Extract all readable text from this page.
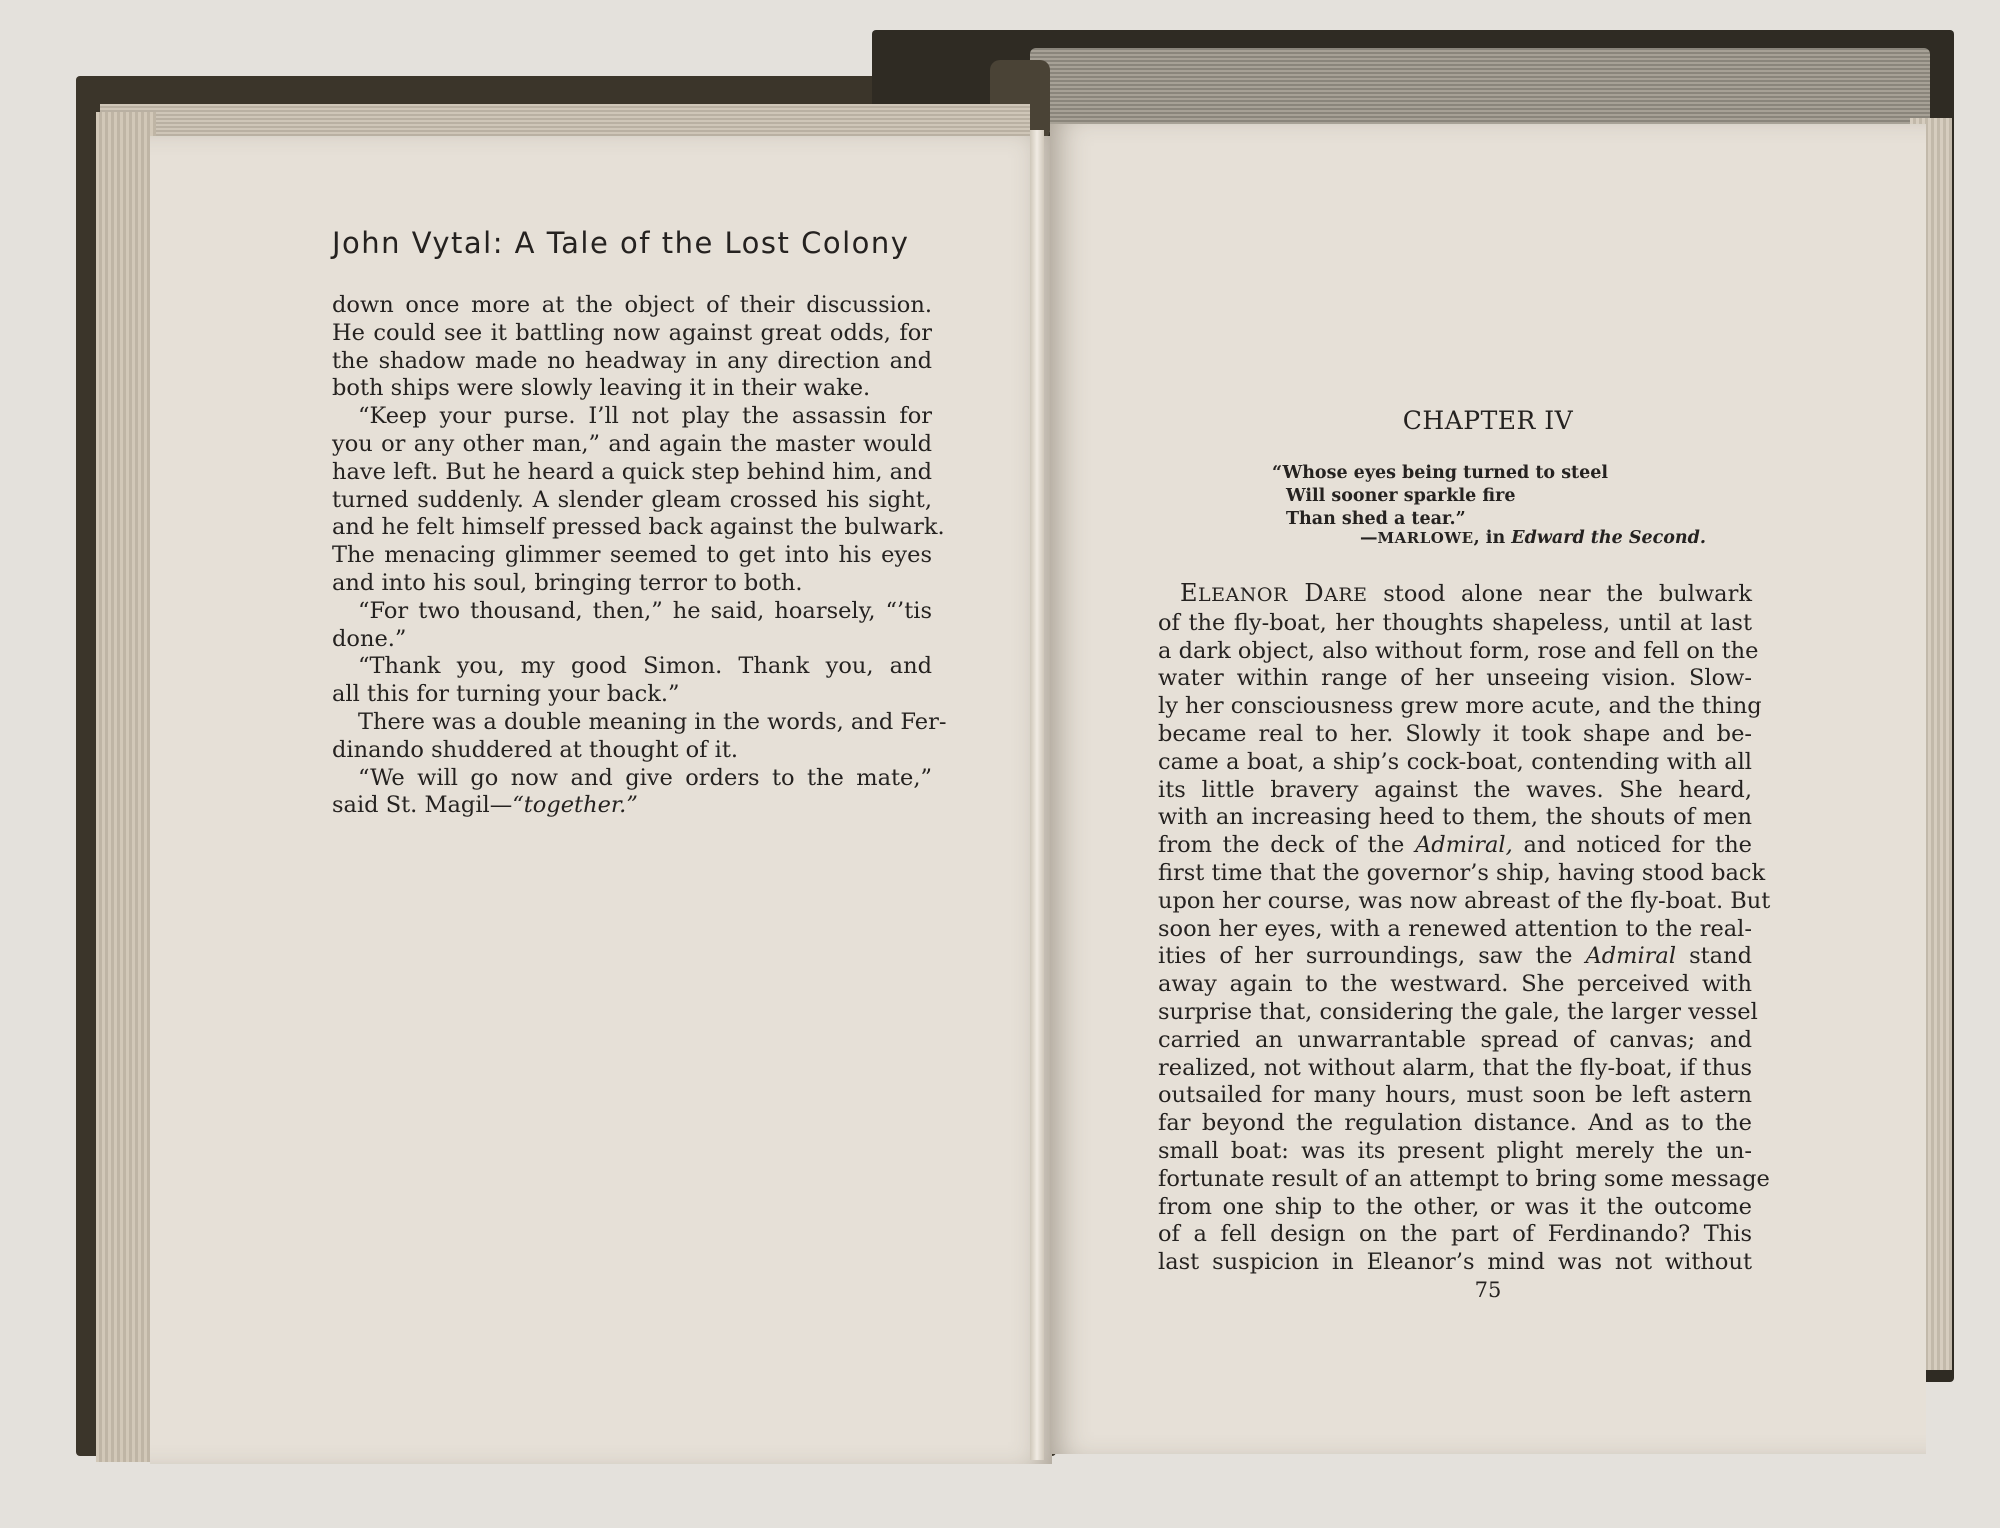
John Vytal: A Tale of the Lost Colony
down once more at the object of their discussion.
He could see it battling now against great odds, for
the shadow made no headway in any direction and
both ships were slowly leaving it in their wake.
“Keep your purse. I’ll not play the assassin for
you or any other man,” and again the master would
have left. But he heard a quick step behind him, and
turned suddenly. A slender gleam crossed his sight,
and he felt himself pressed back against the bulwark.
The menacing glimmer seemed to get into his eyes
and into his soul, bringing terror to both.
“For two thousand, then,” he said, hoarsely, “’tis
done.”
“Thank you, my good Simon. Thank you, and
all this for turning your back.”
There was a double meaning in the words, and Fer-
dinando shuddered at thought of it.
“We will go now and give orders to the mate,”
said St. Magil—“together.”
CHAPTER IV
“Whose eyes being turned to steel
Will sooner sparkle fire
Than shed a tear.”
—MARLOWE, in Edward the Second.
ELEANOR DARE stood alone near the bulwark
of the fly-boat, her thoughts shapeless, until at last
a dark object, also without form, rose and fell on the
water within range of her unseeing vision. Slow-
ly her consciousness grew more acute, and the thing
became real to her. Slowly it took shape and be-
came a boat, a ship’s cock-boat, contending with all
its little bravery against the waves. She heard,
with an increasing heed to them, the shouts of men
from the deck of the Admiral, and noticed for the
first time that the governor’s ship, having stood back
upon her course, was now abreast of the fly-boat. But
soon her eyes, with a renewed attention to the real-
ities of her surroundings, saw the Admiral stand
away again to the westward. She perceived with
surprise that, considering the gale, the larger vessel
carried an unwarrantable spread of canvas; and
realized, not without alarm, that the fly-boat, if thus
outsailed for many hours, must soon be left astern
far beyond the regulation distance. And as to the
small boat: was its present plight merely the un-
fortunate result of an attempt to bring some message
from one ship to the other, or was it the outcome
of a fell design on the part of Ferdinando? This
last suspicion in Eleanor’s mind was not without
75
